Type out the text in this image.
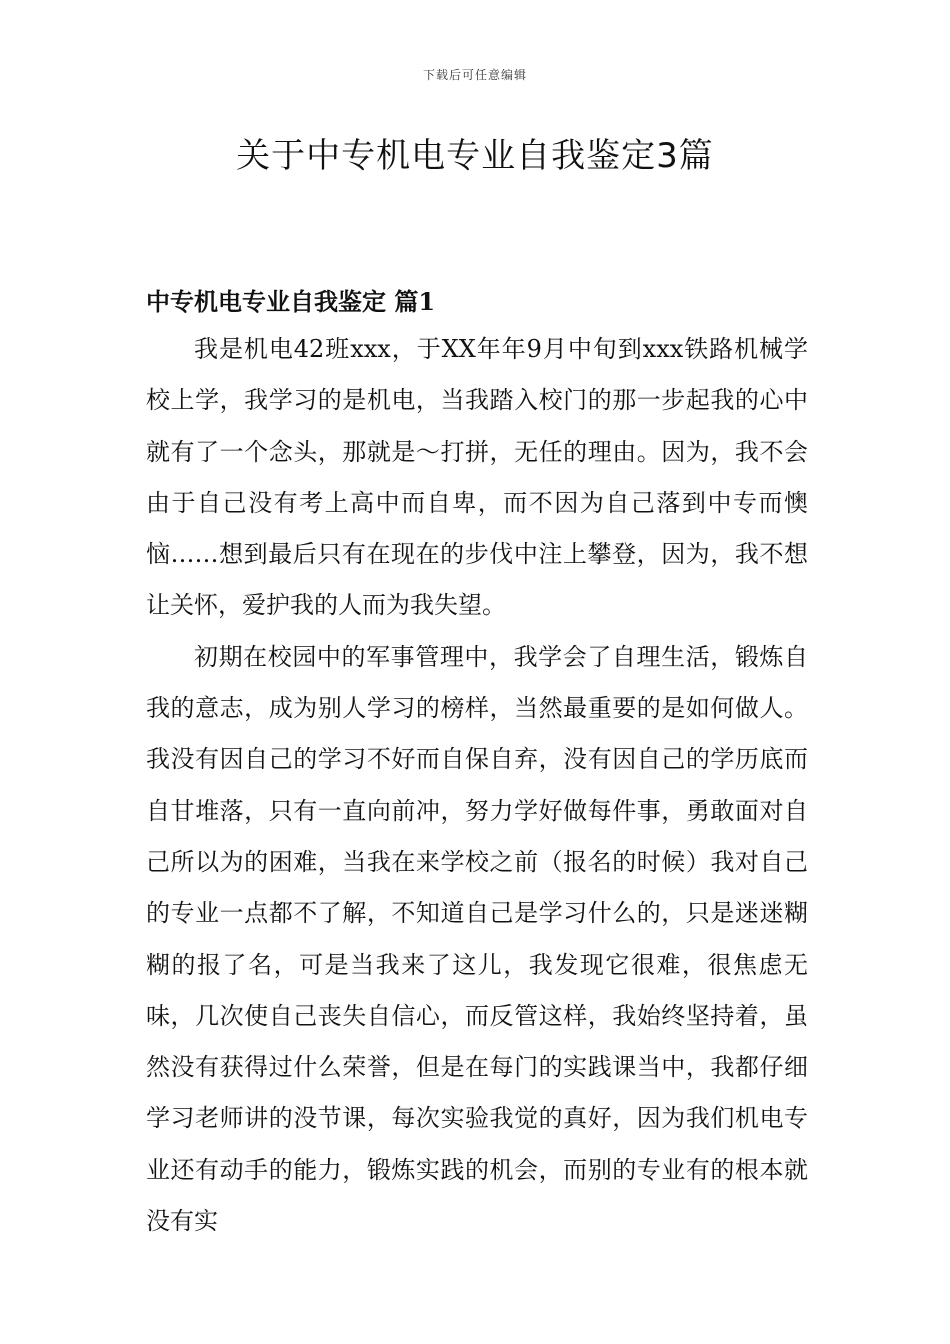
下载后可任意编辑
关于中专机电专业自我鉴定3篇
中专机电专业自我鉴定 篇1

我是机电42班xxx，于XX年年9月中旬到xxx铁路机械学校上学，我学习的是机电，当我踏入校门的那一步起我的心中就有了一个念头，那就是～打拼，无任的理由。因为，我不会由于自己没有考上高中而自卑，而不因为自己落到中专而懊恼……想到最后只有在现在的步伐中注上攀登，因为，我不想让关怀，爱护我的人而为我失望。

初期在校园中的军事管理中，我学会了自理生活，锻炼自我的意志，成为别人学习的榜样，当然最重要的是如何做人。我没有因自己的学习不好而自保自弃，没有因自己的学历底而自甘堆落，只有一直向前冲，努力学好做每件事，勇敢面对自己所以为的困难，当我在来学校之前（报名的时候）我对自己的专业一点都不了解，不知道自己是学习什么的，只是迷迷糊糊的报了名，可是当我来了这儿，我发现它很难，很焦虑无味，几次使自己丧失自信心，而反管这样，我始终坚持着，虽然没有获得过什么荣誉，但是在每门的实践课当中，我都仔细学习老师讲的没节课，每次实验我觉的真好，因为我们机电专业还有动手的能力，锻炼实践的机会，而别的专业有的根本就没有实
